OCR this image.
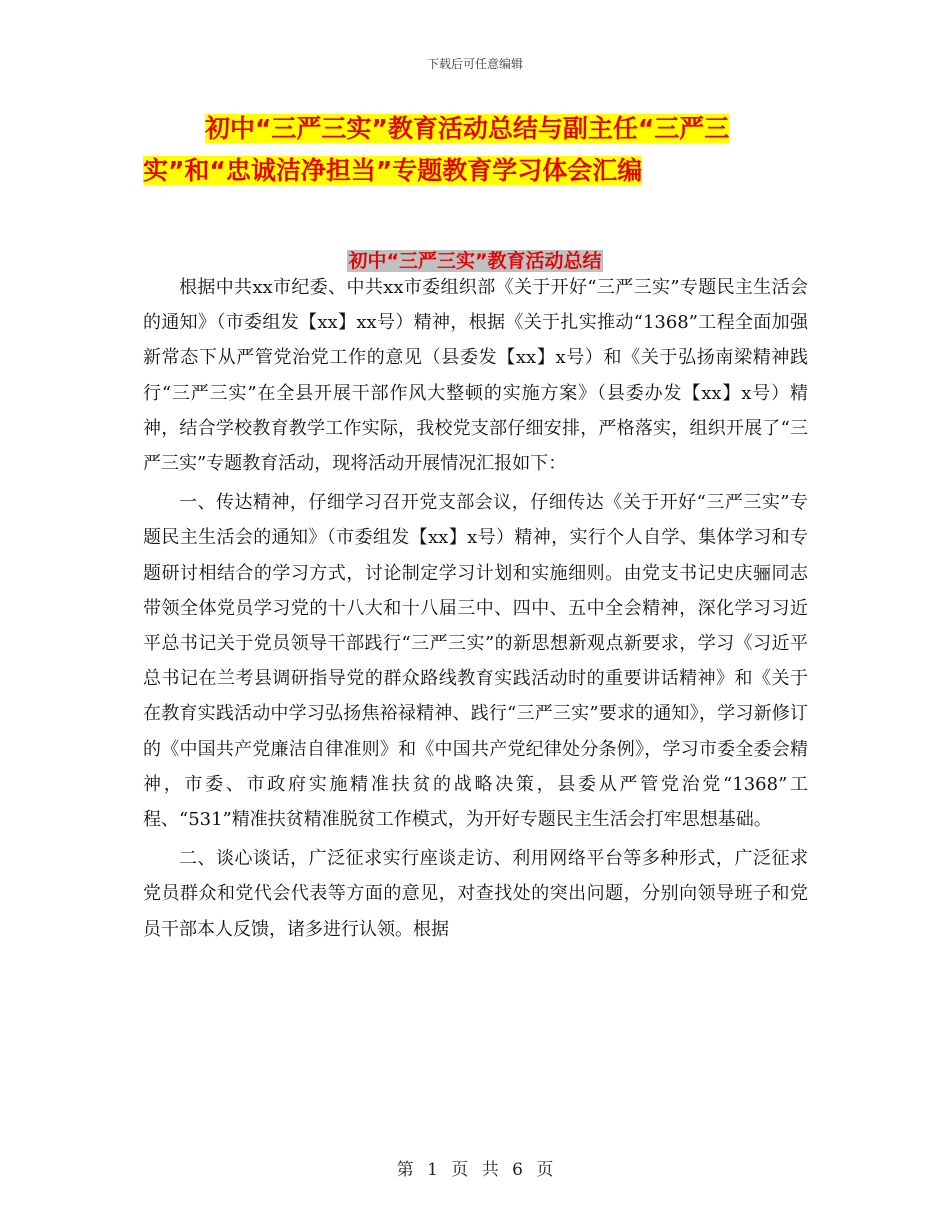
下载后可任意编辑
初中“三严三实”教育活动总结与副主任“三严三
实”和“忠诚洁净担当”专题教育学习体会汇编
初中“三严三实”教育活动总结

根据中共xx市纪委、中共xx市委组织部《关于开好“三严三实”专题民主生活会的通知》（市委组发【xx】xx号）精神，根据《关于扎实推动“1368”工程全面加强新常态下从严管党治党工作的意见（县委发【xx】x号）和《关于弘扬南梁精神践行“三严三实”在全县开展干部作风大整顿的实施方案》（县委办发【xx】x号）精神，结合学校教育教学工作实际，我校党支部仔细安排，严格落实，组织开展了“三严三实”专题教育活动，现将活动开展情况汇报如下：

一、传达精神，仔细学习召开党支部会议，仔细传达《关于开好“三严三实”专题民主生活会的通知》（市委组发【xx】x号）精神，实行个人自学、集体学习和专题研讨相结合的学习方式，讨论制定学习计划和实施细则。由党支书记史庆骊同志带领全体党员学习党的十八大和十八届三中、四中、五中全会精神，深化学习习近平总书记关于党员领导干部践行“三严三实”的新思想新观点新要求，学习《习近平总书记在兰考县调研指导党的群众路线教育实践活动时的重要讲话精神》和《关于在教育实践活动中学习弘扬焦裕禄精神、践行“三严三实”要求的通知》，学习新修订的《中国共产党廉洁自律准则》和《中国共产党纪律处分条例》，学习市委全委会精神，市委、市政府实施精准扶贫的战略决策，县委从严管党治党“1368”工程、“531”精准扶贫精准脱贫工作模式，为开好专题民主生活会打牢思想基础。

二、谈心谈话，广泛征求实行座谈走访、利用网络平台等多种形式，广泛征求党员群众和党代会代表等方面的意见，对查找处的突出问题，分别向领导班子和党员干部本人反馈，诸多进行认领。根据

第 1 页 共 6 页
